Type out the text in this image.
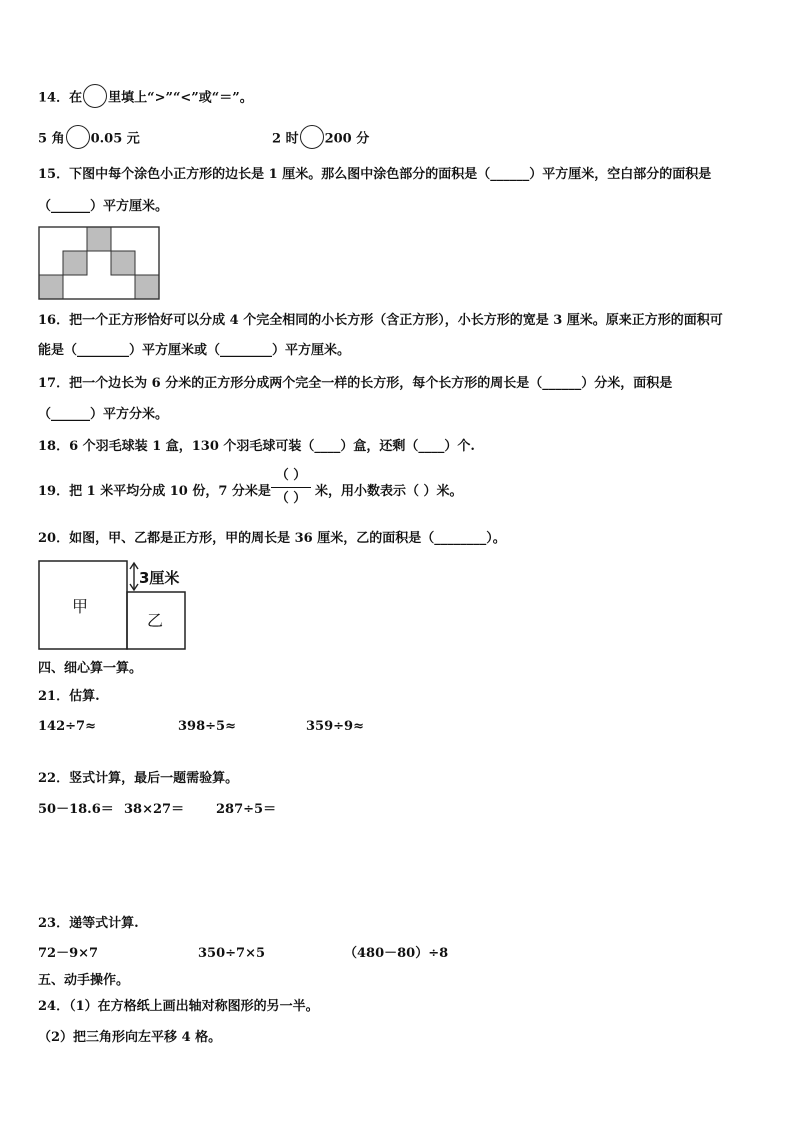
14．在 里填上“>”“<”或“＝”。
5 角 0.05 元	2 时 200 分
15．下图中每个涂色小正方形的边长是 1 厘米。那么图中涂色部分的面积是（______）平方厘米，空白部分的面积是
（______）平方厘米。
16．把一个正方形恰好可以分成 4 个完全相同的小长方形（含正方形），小长方形的宽是 3 厘米。原来正方形的面积可
能是（________）平方厘米或（________）平方厘米。
17．把一个边长为 6 分米的正方形分成两个完全一样的长方形，每个长方形的周长是（______）分米，面积是
（______）平方分米。
18．6 个羽毛球装 1 盒，130 个羽毛球可装（____）盒，还剩（____）个.
19．把 1 米平均分成 10 份，7 分米是
（ ）
（ ） 米，用小数表示（ ）米。
20．如图，甲、乙都是正方形，甲的周长是 36 厘米，乙的面积是（________）。
3厘米
甲
乙
四、细心算一算。
21．估算.
142÷7≈	398÷5≈	359÷9≈
22．竖式计算，最后一题需验算。
50－18.6＝ 38×27＝ 287÷5＝
23．递等式计算.
72－9×7	350÷7×5	（480－80）÷8
五、动手操作。
24．（1）在方格纸上画出轴对称图形的另一半。
（2）把三角形向左平移 4 格。
